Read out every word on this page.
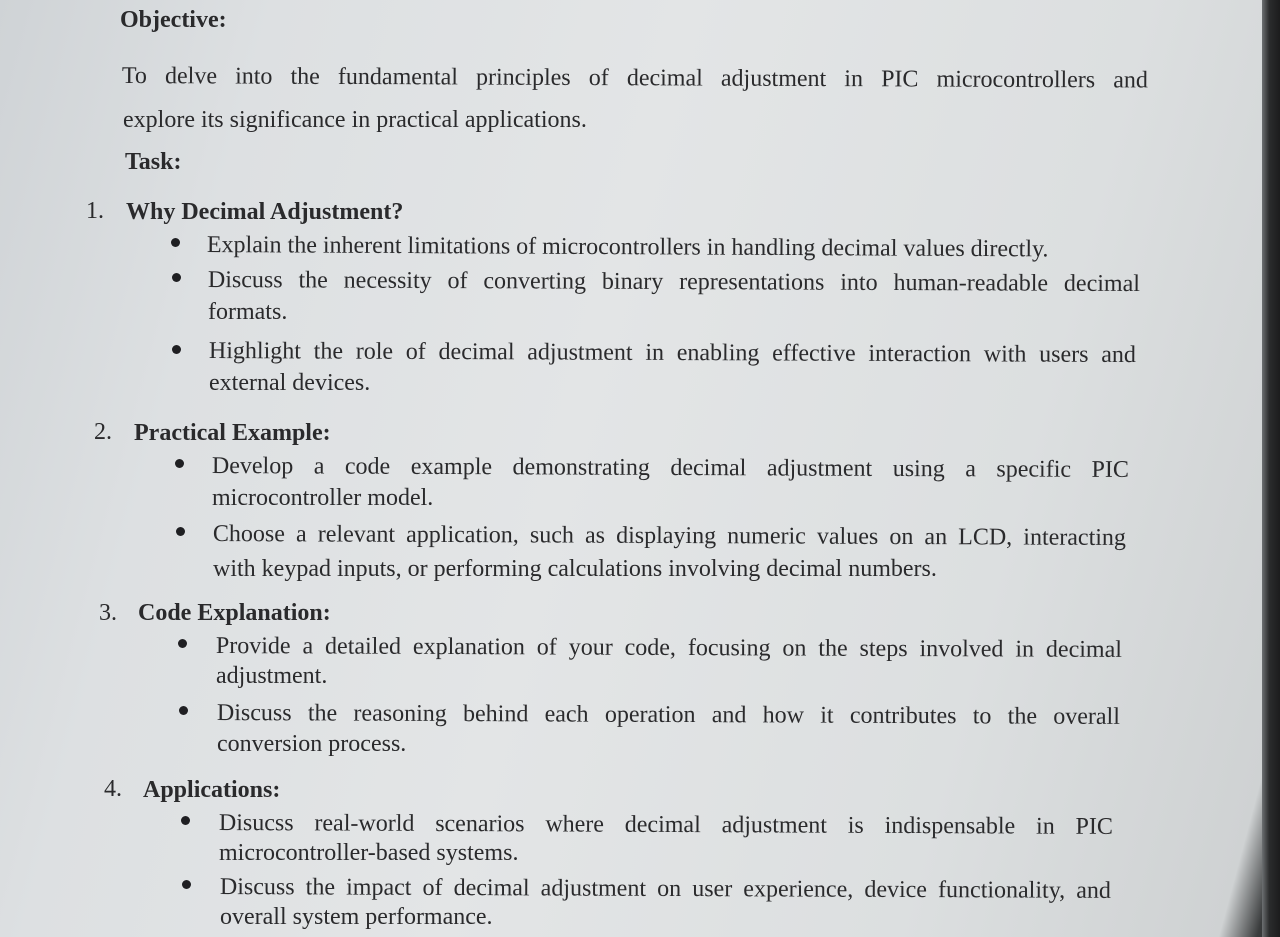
Objective:
To delve into the fundamental principles of decimal adjustment in PIC microcontrollers and
explore its significance in practical applications.
Task:
1. Why Decimal Adjustment?
Explain the inherent limitations of microcontrollers in handling decimal values directly.
Discuss the necessity of converting binary representations into human-readable decimal
formats.
Highlight the role of decimal adjustment in enabling effective interaction with users and
external devices.
2. Practical Example:
Develop a code example demonstrating decimal adjustment using a specific PIC
microcontroller model.
Choose a relevant application, such as displaying numeric values on an LCD, interacting
with keypad inputs, or performing calculations involving decimal numbers.
3. Code Explanation:
Provide a detailed explanation of your code, focusing on the steps involved in decimal
adjustment.
Discuss the reasoning behind each operation and how it contributes to the overall
conversion process.
4. Applications:
Disucss real-world scenarios where decimal adjustment is indispensable in PIC
microcontroller-based systems.
Discuss the impact of decimal adjustment on user experience, device functionality, and
overall system performance.
